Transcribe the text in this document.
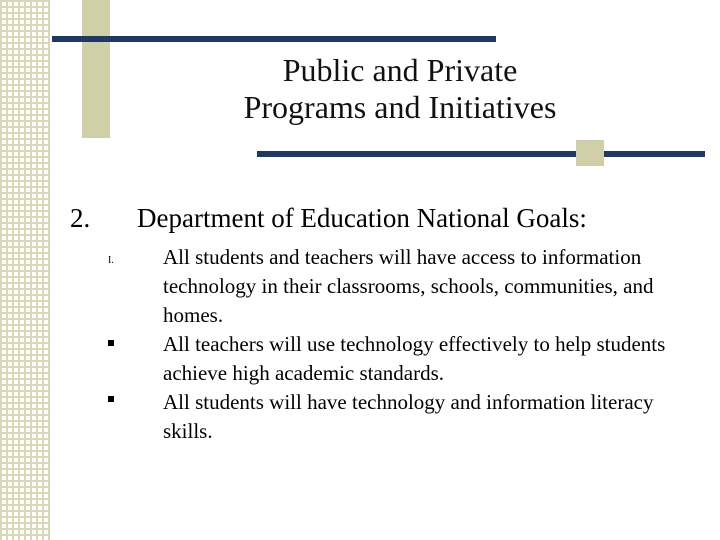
Public and Private
Programs and Initiatives
2. Department of Education National Goals:
I. All students and teachers will have access to information technology in their classrooms, schools, communities, and homes.

All teachers will use technology effectively to help students achieve high academic standards.

All students will have technology and information literacy skills.
